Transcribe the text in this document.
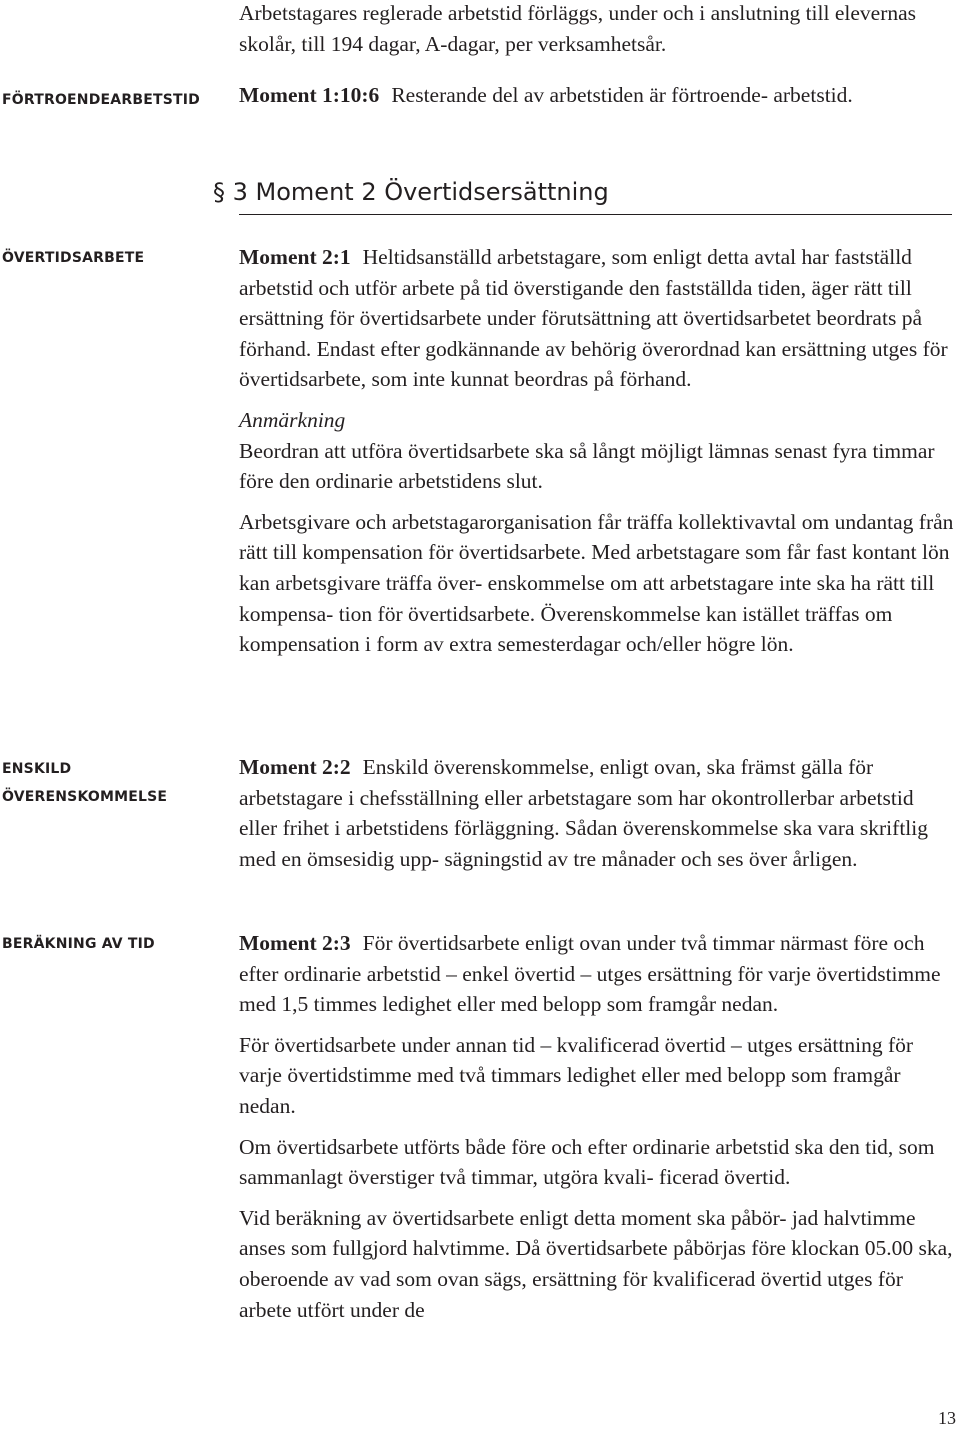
Arbetstagares reglerade arbetstid förläggs, under och i anslutning till elevernas skolår, till 194 dagar, A-dagar, per verksamhetsår.

FÖRTROENDEARBETSTID	Moment 1:10:6 Resterande del av arbetstiden är förtroende- arbetstid.

§ 3 Moment 2 Övertidsersättning
ÖVERTIDSARBETE	Moment 2:1 Heltidsanställd arbetstagare, som enligt detta avtal har fastställd arbetstid och utför arbete på tid överstigande den fastställda tiden, äger rätt till ersättning för övertidsarbete under förutsättning att övertidsarbetet beordrats på förhand. Endast efter godkännande av behörig överordnad kan ersättning utges för övertidsarbete, som inte kunnat beordras på förhand.

Anmärkning

Beordran att utföra övertidsarbete ska så långt möjligt lämnas senast fyra timmar före den ordinarie arbetstidens slut.

Arbetsgivare och arbetstagarorganisation får träffa kollektivavtal om undantag från rätt till kompensation för övertidsarbete. Med arbetstagare som får fast kontant lön kan arbetsgivare träffa över- enskommelse om att arbetstagare inte ska ha rätt till kompensa- tion för övertidsarbete. Överenskommelse kan istället träffas om kompensation i form av extra semesterdagar och/eller högre lön.

ENSKILD
ÖVERENSKOMMELSE

Moment 2:2 Enskild överenskommelse, enligt ovan, ska främst gälla för arbetstagare i chefsställning eller arbetstagare som har okontrollerbar arbetstid eller frihet i arbetstidens förläggning. Sådan överenskommelse ska vara skriftlig med en ömsesidig upp- sägningstid av tre månader och ses över årligen.

BERÄKNING AV TID	Moment 2:3 För övertidsarbete enligt ovan under två timmar närmast före och efter ordinarie arbetstid – enkel övertid – utges ersättning för varje övertidstimme med 1,5 timmes ledighet eller med belopp som framgår nedan.

För övertidsarbete under annan tid – kvalificerad övertid – utges ersättning för varje övertidstimme med två timmars ledighet eller med belopp som framgår nedan.

Om övertidsarbete utförts både före och efter ordinarie arbetstid ska den tid, som sammanlagt överstiger två timmar, utgöra kvali- ficerad övertid.

Vid beräkning av övertidsarbete enligt detta moment ska påbör- jad halvtimme anses som fullgjord halvtimme. Då övertidsarbete påbörjas före klockan 05.00 ska, oberoende av vad som ovan sägs, ersättning för kvalificerad övertid utges för arbete utfört under de

13
